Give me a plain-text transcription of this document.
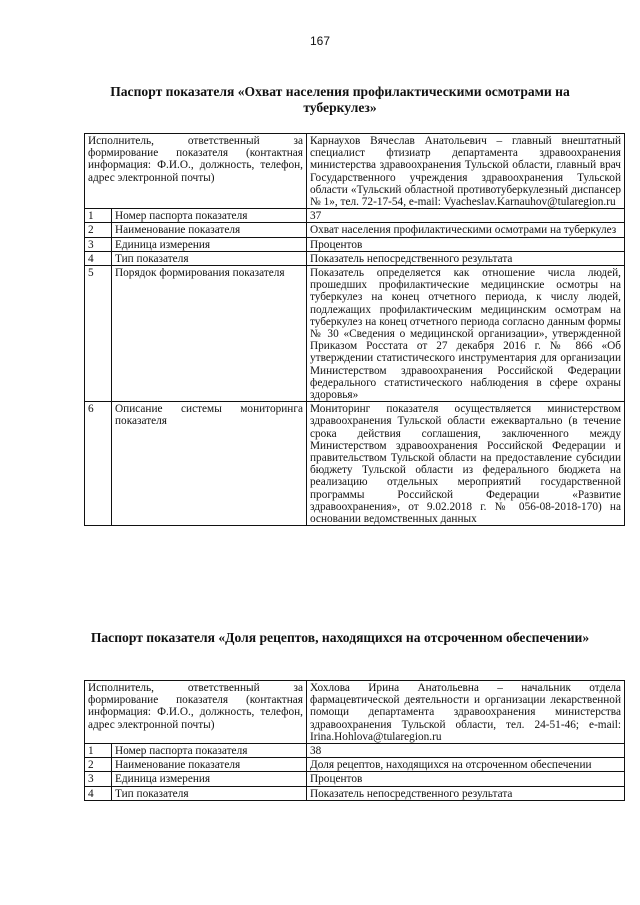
167
Паспорт показателя «Охват населения профилактическими осмотрами на туберкулез»
Исполнитель, ответственный за формирование показателя (контактная информация: Ф.И.О., должность, телефон, адрес электронной почты)		Карнаухов Вячеслав Анатольевич – главный внештатный специалист фтизиатр департамента здравоохранения министерства здравоохранения Тульской области, главный врач Государственного учреждения здравоохранения Тульской области «Тульский областной противотуберкулезный диспансер № 1», тел. 72-17-54, e-mail: Vyacheslav.Karnauhov@tularegion.ru
1	Номер паспорта показателя	37
2	Наименование показателя	Охват населения профилактическими осмотрами на туберкулез
3	Единица измерения	Процентов
4	Тип показателя	Показатель непосредственного результата
5	Порядок формирования показателя	Показатель определяется как отношение числа людей, прошедших профилактические медицинские осмотры на туберкулез на конец отчетного периода, к числу людей, подлежащих профилактическим медицинским осмотрам на туберкулез на конец отчетного периода согласно данным формы № 30 «Сведения о медицинской организации», утвержденной Приказом Росстата от 27 декабря 2016 г. № 866 «Об утверждении статистического инструментария для организации Министерством здравоохранения Российской Федерации федерального статистического наблюдения в сфере охраны здоровья»
6	Описание системы мониторинга показателя	Мониторинг показателя осуществляется министерством здравоохранения Тульской области ежеквартально (в течение срока действия соглашения, заключенного между Министерством здравоохранения Российской Федерации и правительством Тульской области на предоставление субсидии бюджету Тульской области из федерального бюджета на реализацию отдельных мероприятий государственной программы Российской Федерации «Развитие здравоохранения», от 9.02.2018 г. № 056-08-2018-170) на основании ведомственных данных
Паспорт показателя «Доля рецептов, находящихся на отсроченном обеспечении»
Исполнитель, ответственный за формирование показателя (контактная информация: Ф.И.О., должность, телефон, адрес электронной почты)		Хохлова Ирина Анатольевна – начальник отдела фармацевтической деятельности и организации лекарственной помощи департамента здравоохранения министерства здравоохранения Тульской области, тел. 24-51-46; e-mail: Irina.Hohlova@tularegion.ru
1	Номер паспорта показателя	38
2	Наименование показателя	Доля рецептов, находящихся на отсроченном обеспечении
3	Единица измерения	Процентов
4	Тип показателя	Показатель непосредственного результата
